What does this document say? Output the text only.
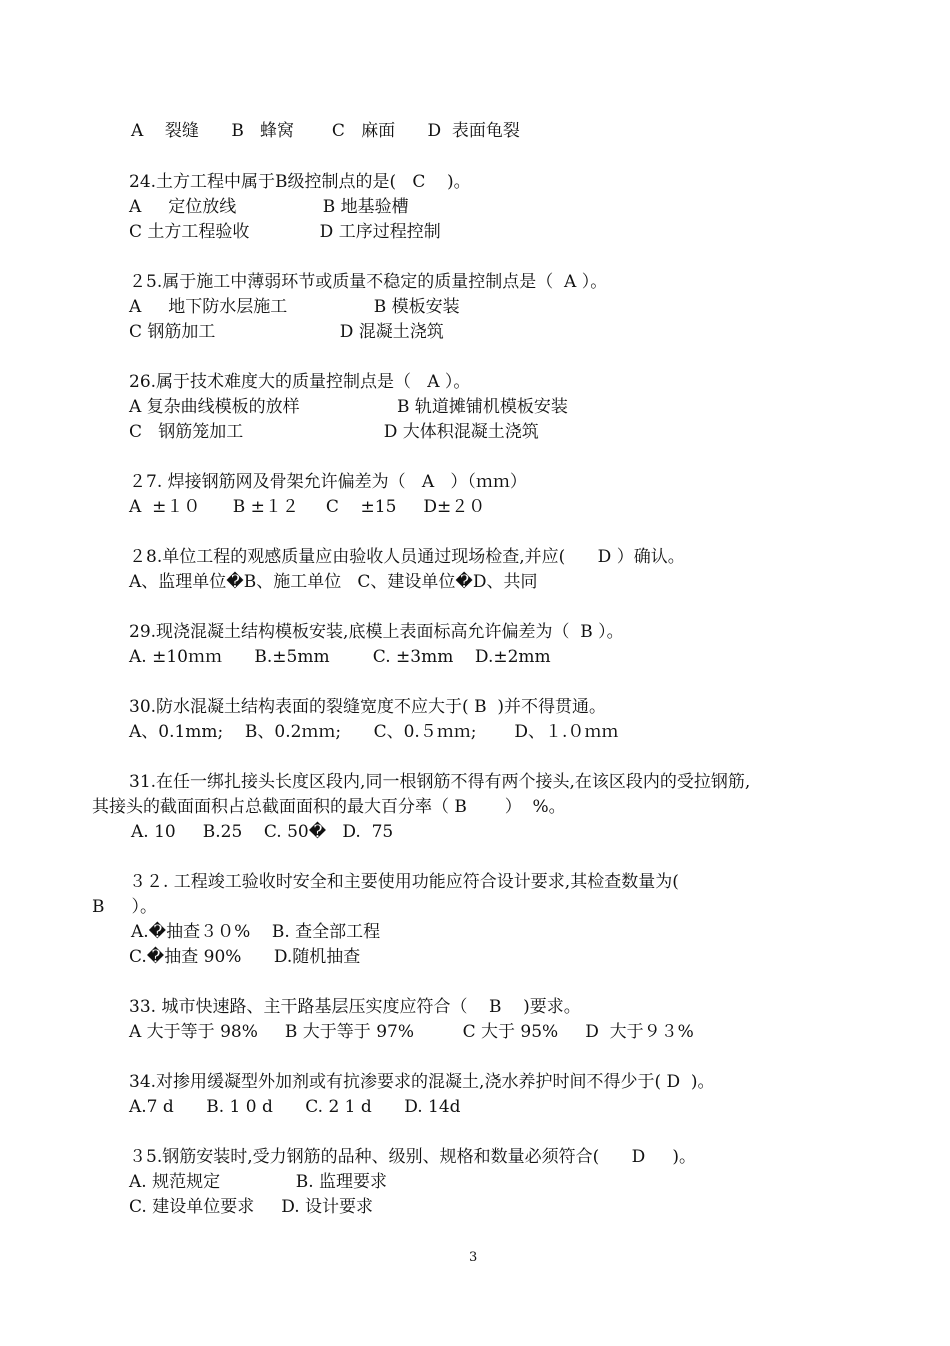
A    裂缝      B   蜂窝       C   麻面      D  表面龟裂

24.土方工程中属于B级控制点的是(   C    )。

A     定位放线                B 地基验槽

C 土方工程验收             D 工序过程控制

２5.属于施工中薄弱环节或质量不稳定的质量控制点是（  A ）。

A     地下防水层施工                B 模板安装

C 钢筋加工                       D 混凝土浇筑

26.属于技术难度大的质量控制点是（   A ）。

A 复杂曲线模板的放样                  B 轨道摊铺机模板安装

C   钢筋笼加工                          D 大体积混凝土浇筑

２7. 焊接钢筋网及骨架允许偏差为（   A   ）（ｍｍ）

A  ±１０      B ±１２     C    ±15     D±２０

２8.单位工程的观感质量应由验收人员通过现场检查,并应(      D ）确认。

A、监理单位�B、施工单位   C、建设单位�D、共同

29.现浇混凝土结构模板安装,底模上表面标高允许偏差为（  B ）。

A. ±10ｍｍ      B.±5mm        C. ±3mm    D.±2mm

30.防水混凝土结构表面的裂缝宽度不应大于( B  )并不得贯通。

A、0.1mm;    B、0.2ｍｍ;      C、0.５ｍｍ;       D、１.０ｍｍ

31.在任一绑扎接头长度区段内,同一根钢筋不得有两个接头,在该区段内的受拉钢筋,

其接头的截面面积占总截面面积的最大百分率（ B       ）  %。

A. 10     B.25    C. 50�   D.  75

３２. 工程竣工验收时安全和主要使用功能应符合设计要求,其检查数量为(

B     ）。

A.�抽查３０%    B. 查全部工程

C.�抽查 90%      D.随机抽查

33. 城市快速路、主干路基层压实度应符合（    B    )要求。

A 大于等于 98%     B 大于等于 97%         C 大于 95%     D  大于９３%

34.对掺用缓凝型外加剂或有抗渗要求的混凝土,浇水养护时间不得少于( D  )。

A.7 d      B. 1 0 d      C. 2 1 d      D. 14d

３5.钢筋安装时,受力钢筋的品种、级别、规格和数量必须符合(      D     )。

A. 规范规定              B. 监理要求

C. 建设单位要求     D. 设计要求

3
